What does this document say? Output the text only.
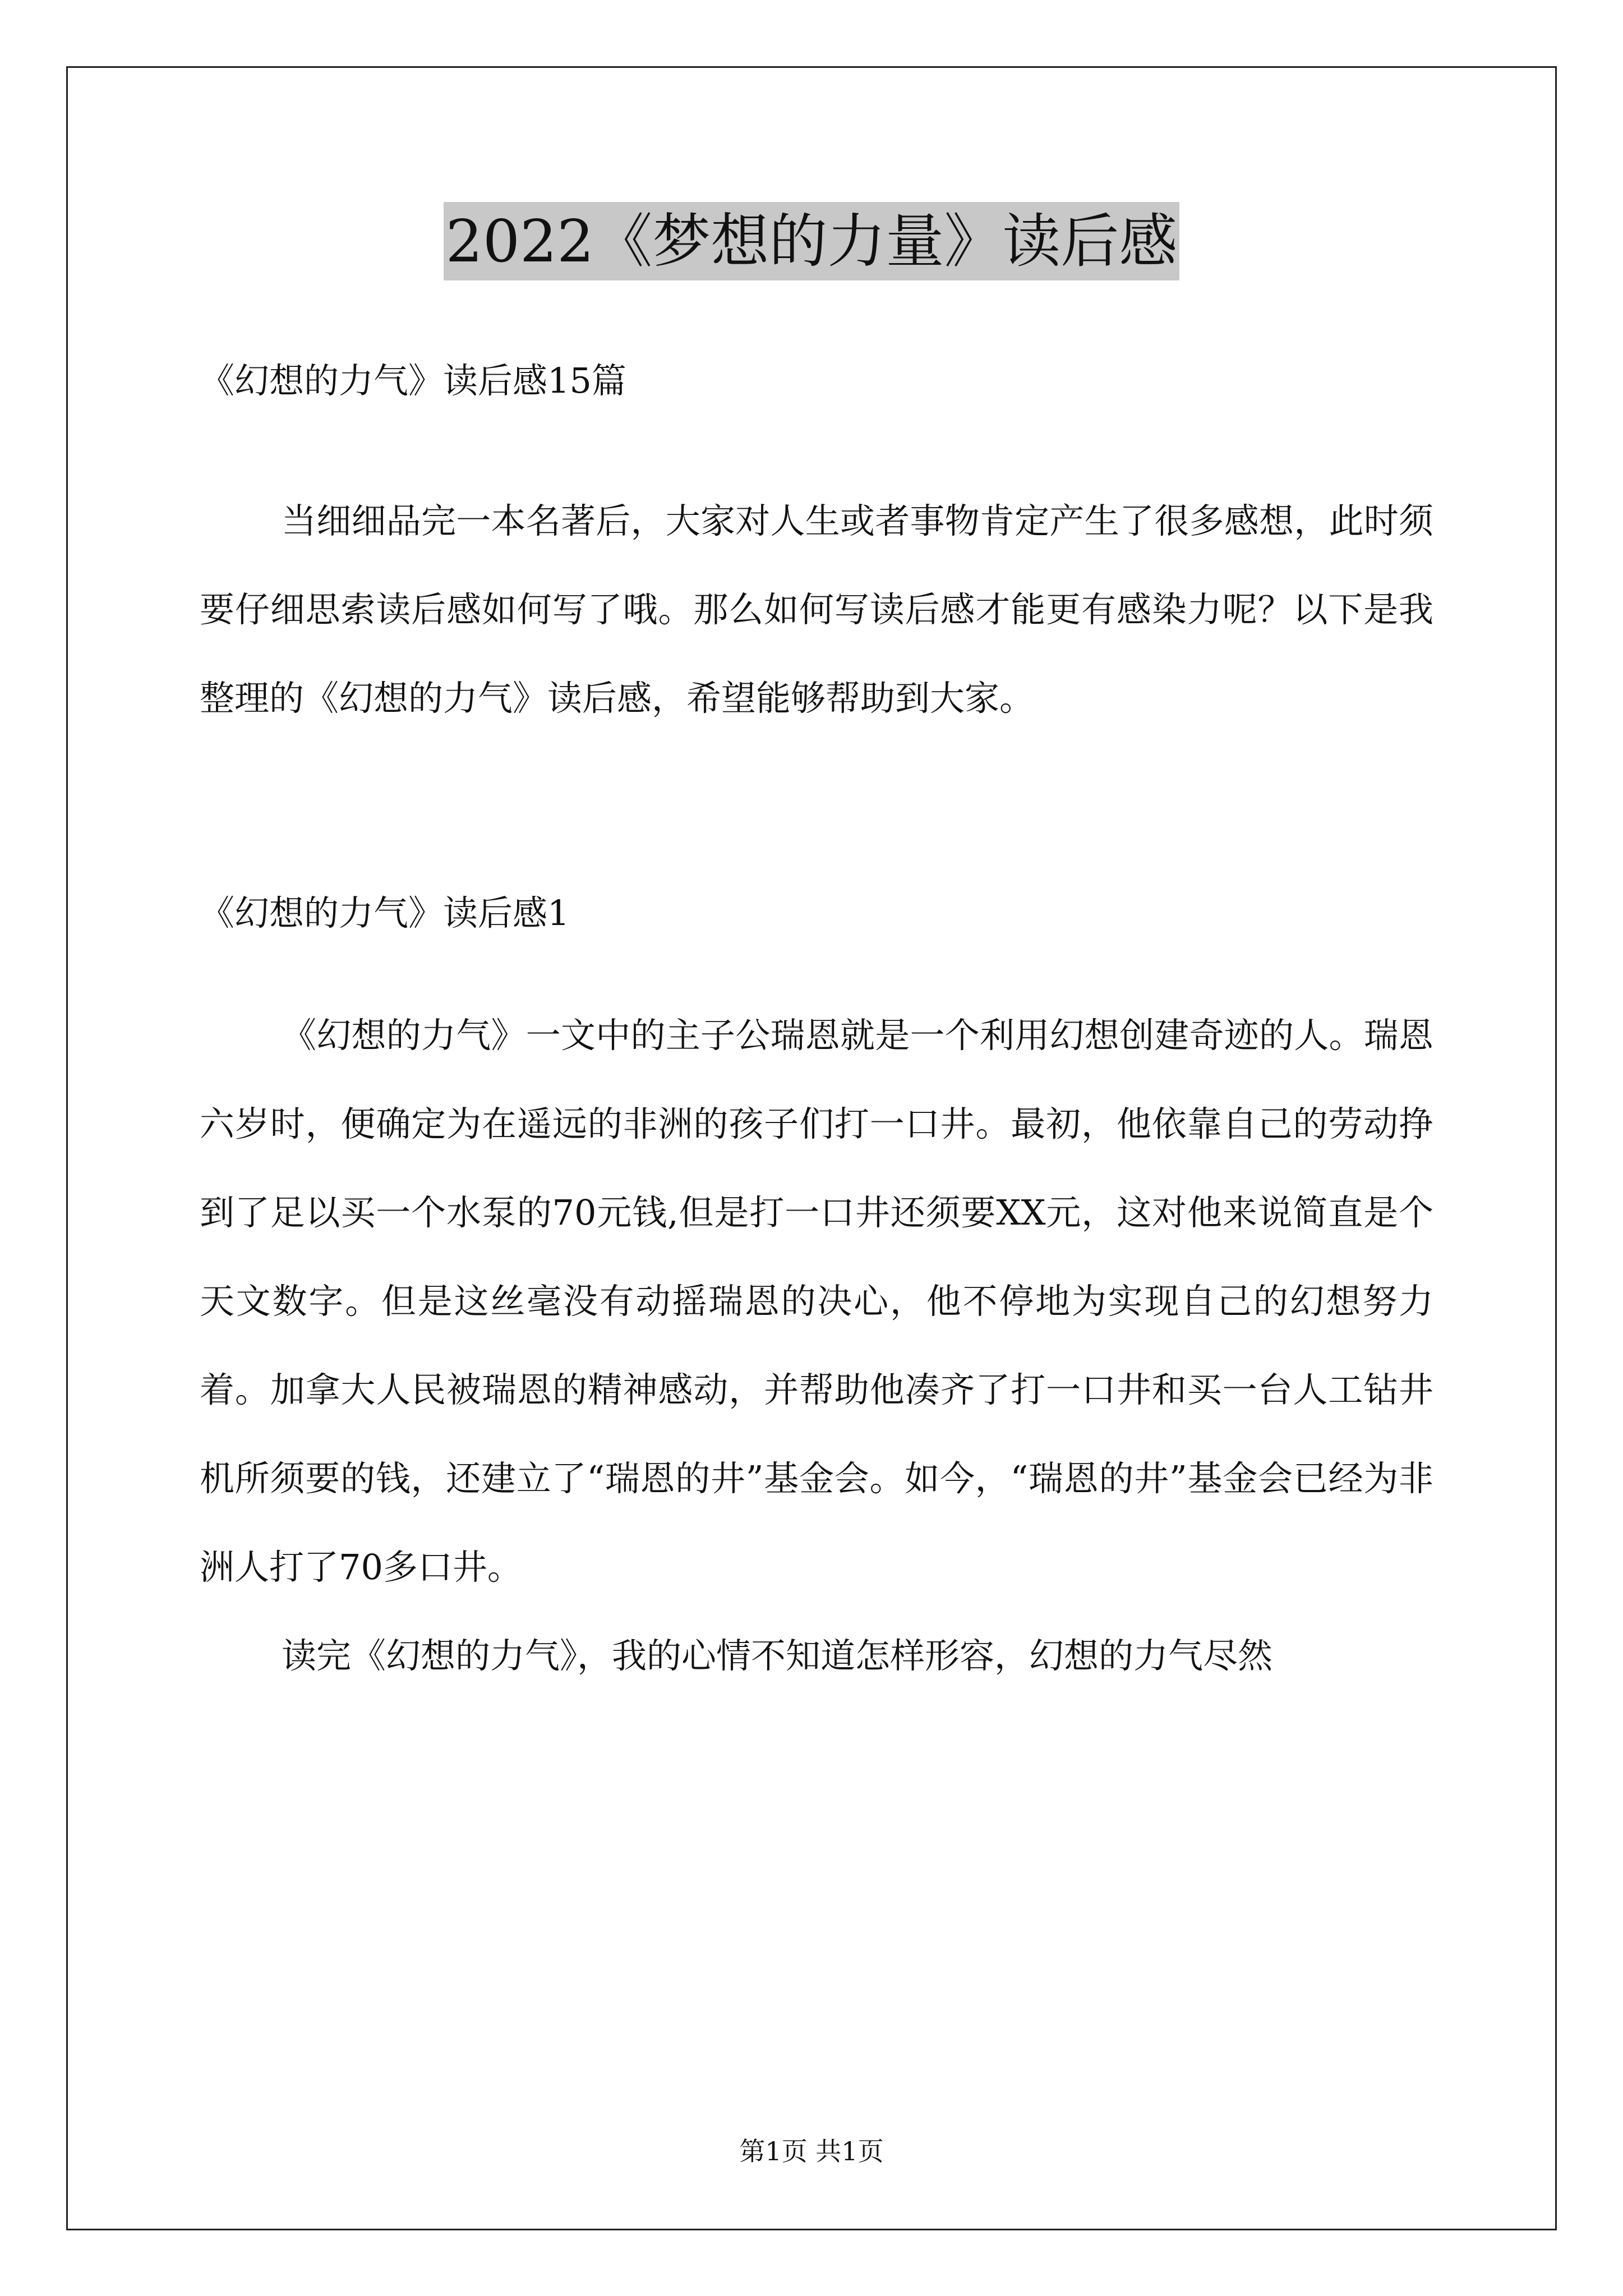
2022《梦想的力量》读后感

《幻想的力气》读后感15篇

当细细品完一本名著后，大家对人生或者事物肯定产生了很多感想，此时须要仔细思索读后感如何写了哦。那么如何写读后感才能更有感染力呢？以下是我整理的《幻想的力气》读后感，希望能够帮助到大家。

《幻想的力气》读后感1

《幻想的力气》一文中的主子公瑞恩就是一个利用幻想创建奇迹的人。瑞恩六岁时，便确定为在遥远的非洲的孩子们打一口井。最初，他依靠自己的劳动挣到了足以买一个水泵的70元钱,但是打一口井还须要XX元，这对他来说简直是个天文数字。但是这丝毫没有动摇瑞恩的决心，他不停地为实现自己的幻想努力着。加拿大人民被瑞恩的精神感动，并帮助他凑齐了打一口井和买一台人工钻井机所须要的钱，还建立了“瑞恩的井”基金会。如今，“瑞恩的井”基金会已经为非洲人打了70多口井。

读完《幻想的力气》，我的心情不知道怎样形容，幻想的力气尽然

第1页 共1页
